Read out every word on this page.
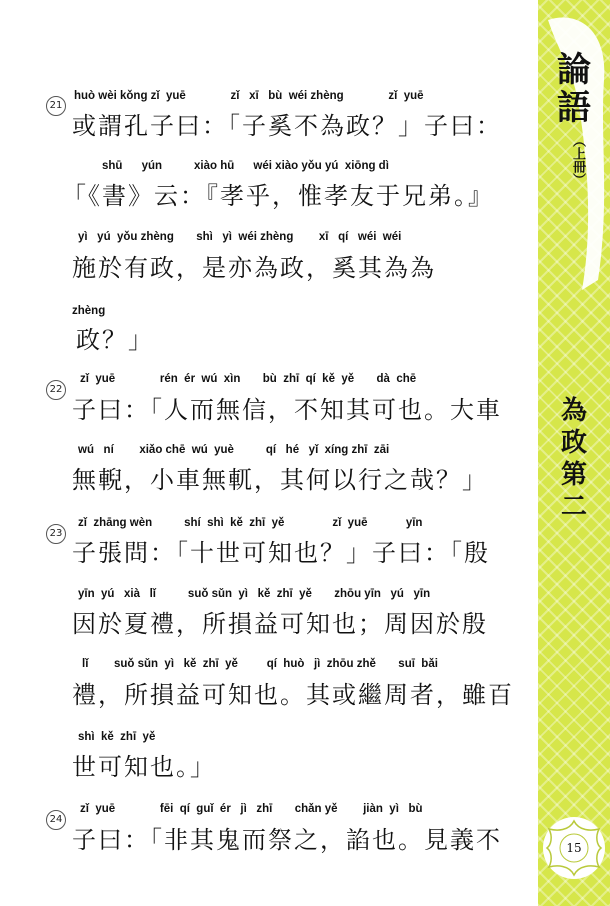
21
huò wèi kǒng zǐ  yuē              zǐ   xī   bù  wéi zhèng              zǐ  yuē
或謂孔子曰：「子奚不為政？」子曰：
shū      yún          xiào hū      wéi xiào yǒu yú  xiōng dì
「《書》云：『孝乎，惟孝友于兄弟。』
yì   yú  yǒu zhèng       shì   yì  wéi zhèng        xī   qí   wéi  wéi
施於有政，是亦為政，奚其為為
zhèng
政？」
22
zǐ  yuē              rén  ér  wú  xìn       bù  zhī  qí  kě  yě       dà  chē
子曰：「人而無信，不知其可也。大車
wú   ní        xiǎo chē  wú  yuè          qí   hé   yǐ  xíng zhī  zāi
無輗，小車無軏，其何以行之哉？」
23
zǐ  zhāng wèn          shí  shì  kě  zhī  yě               zǐ  yuē            yīn
子張問：「十世可知也？」子曰：「殷
yīn  yú   xià   lǐ          suǒ sǔn  yì   kě  zhī  yě       zhōu yīn   yú   yīn
因於夏禮，所損益可知也；周因於殷
lǐ        suǒ sǔn  yì   kě  zhī  yě         qí  huò   jì  zhōu zhě       suī  bǎi
禮，所損益可知也。其或繼周者，雖百
shì  kě  zhī  yě
世可知也。」
24
zǐ  yuē              fēi  qí  guǐ  ér   jì   zhī       chǎn yě        jiàn  yì   bù
子曰：「非其鬼而祭之，諂也。見義不
論
語
（上冊）
為
政
第
二
15
